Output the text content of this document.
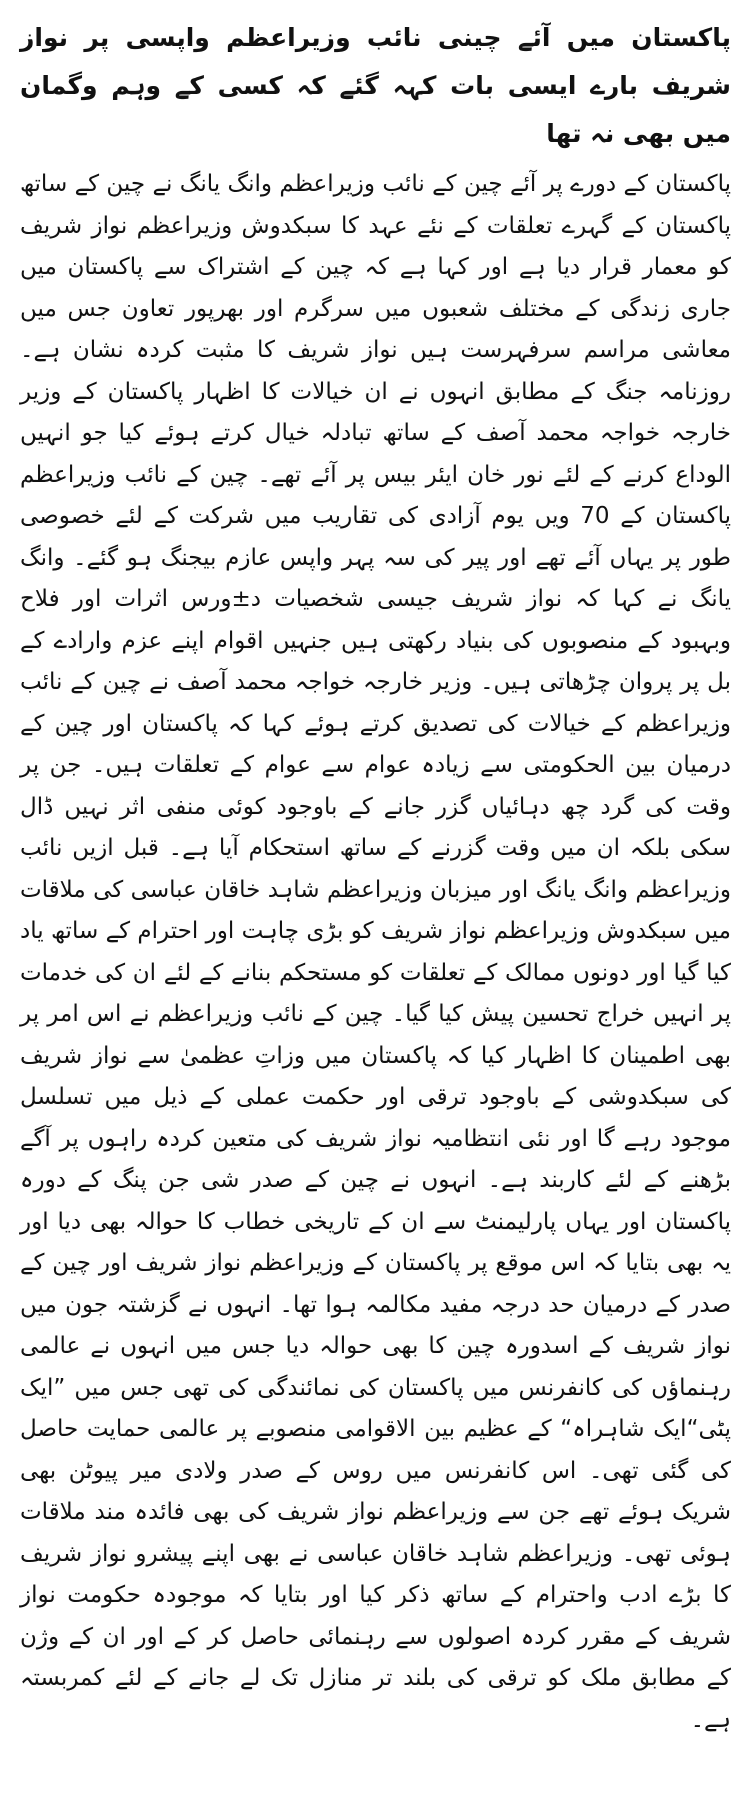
پاکستان میں آئے چینی نائب وزیراعظم واپسی پر نواز شریف بارے ایسی بات کہہ گئے کہ کسی کے وہم وگمان میں بھی نہ تھا

پاکستان کے دورے پر آئے چین کے نائب وزیراعظم وانگ یانگ نے چین کے ساتھ پاکستان کے گہرے تعلقات کے نئے عہد کا سبکدوش وزیراعظم نواز شریف کو معمار قرار دیا ہے اور کہا ہے کہ چین کے اشتراک سے پاکستان میں جاری زندگی کے مختلف شعبوں میں سرگرم اور بھرپور تعاون جس میں معاشی مراسم سرفہرست ہیں نواز شریف کا مثبت کردہ نشان ہے۔ روزنامہ جنگ کے مطابق انہوں نے ان خیالات کا اظہار پاکستان کے وزیر خارجہ خواجہ محمد آصف کے ساتھ تبادلہ خیال کرتے ہوئے کیا جو انہیں الوداع کرنے کے لئے نور خان ایئر بیس پر آئے تھے۔ چین کے نائب وزیراعظم پاکستان کے 70 ویں یوم آزادی کی تقاریب میں شرکت کے لئے خصوصی طور پر یہاں آئے تھے اور پیر کی سہ پہر واپس عازم بیجنگ ہو گئے۔ وانگ یانگ نے کہا کہ نواز شریف جیسی شخصیات د±ورس اثرات اور فلاح وبہبود کے منصوبوں کی بنیاد رکھتی ہیں جنہیں اقوام اپنے عزم وارادے کے بل پر پروان چڑھاتی ہیں۔ وزیر خارجہ خواجہ محمد آصف نے چین کے نائب وزیراعظم کے خیالات کی تصدیق کرتے ہوئے کہا کہ پاکستان اور چین کے درمیان بین الحکومتی سے زیادہ عوام سے عوام کے تعلقات ہیں۔ جن پر وقت کی گرد چھ دہائیاں گزر جانے کے باوجود کوئی منفی اثر نہیں ڈال سکی بلکہ ان میں وقت گزرنے کے ساتھ استحکام آیا ہے۔ قبل ازیں نائب وزیراعظم وانگ یانگ اور میزبان وزیراعظم شاہد خاقان عباسی کی ملاقات میں سبکدوش وزیراعظم نواز شریف کو بڑی چاہت اور احترام کے ساتھ یاد کیا گیا اور دونوں ممالک کے تعلقات کو مستحکم بنانے کے لئے ان کی خدمات پر انہیں خراج تحسین پیش کیا گیا۔ چین کے نائب وزیراعظم نے اس امر پر بھی اطمینان کا اظہار کیا کہ پاکستان میں وزاتِ عظمیٰ سے نواز شریف کی سبکدوشی کے باوجود ترقی اور حکمت عملی کے ذیل میں تسلسل موجود رہے گا اور نئی انتظامیہ نواز شریف کی متعین کردہ راہوں پر آگے بڑھنے کے لئے کاربند ہے۔ انہوں نے چین کے صدر شی جن پنگ کے دورہ پاکستان اور یہاں پارلیمنٹ سے ان کے تاریخی خطاب کا حوالہ بھی دیا اور یہ بھی بتایا کہ اس موقع پر پاکستان کے وزیراعظم نواز شریف اور چین کے صدر کے درمیان حد درجہ مفید مکالمہ ہوا تھا۔ انہوں نے گزشتہ جون میں نواز شریف کے اسدورہ چین کا بھی حوالہ دیا جس میں انہوں نے عالمی رہنماؤں کی کانفرنس میں پاکستان کی نمائندگی کی تھی جس میں ”ایک پٹی“ایک شاہراہ“ کے عظیم بین الاقوامی منصوبے پر عالمی حمایت حاصل کی گئی تھی۔ اس کانفرنس میں روس کے صدر ولادی میر پیوٹن بھی شریک ہوئے تھے جن سے وزیراعظم نواز شریف کی بھی فائدہ مند ملاقات ہوئی تھی۔ وزیراعظم شاہد خاقان عباسی نے بھی اپنے پیشرو نواز شریف کا بڑے ادب واحترام کے ساتھ ذکر کیا اور بتایا کہ موجودہ حکومت نواز شریف کے مقرر کردہ اصولوں سے رہنمائی حاصل کر کے اور ان کے وژن کے مطابق ملک کو ترقی کی بلند تر منازل تک لے جانے کے لئے کمربستہ ہے۔
